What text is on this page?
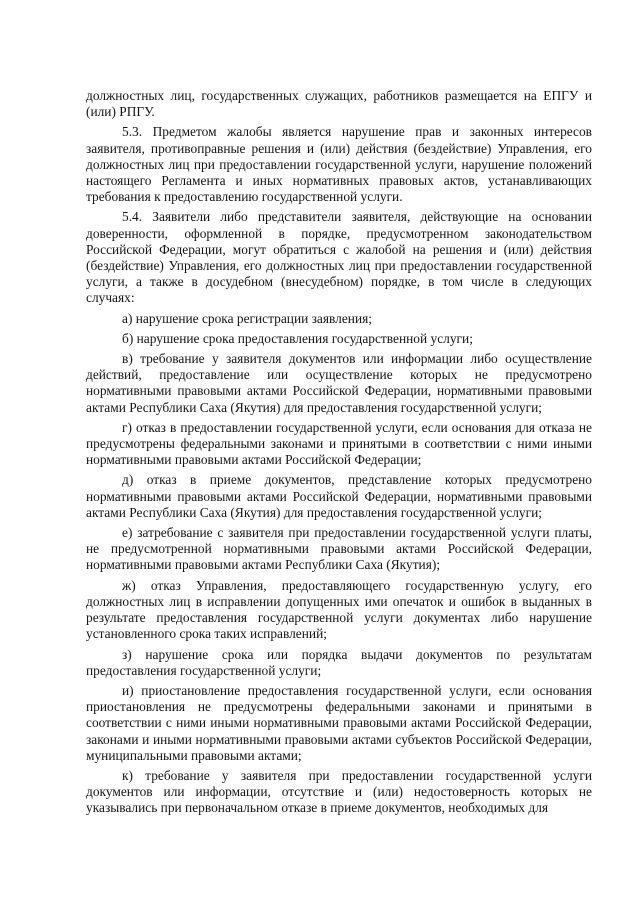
должностных лиц, государственных служащих, работников размещается на ЕПГУ и (или) РПГУ.

5.3. Предметом жалобы является нарушение прав и законных интересов заявителя, противоправные решения и (или) действия (бездействие) Управления, его должностных лиц при предоставлении государственной услуги, нарушение положений настоящего Регламента и иных нормативных правовых актов, устанавливающих требования к предоставлению государственной услуги.

5.4. Заявители либо представители заявителя, действующие на основании доверенности, оформленной в порядке, предусмотренном законодательством Российской Федерации, могут обратиться с жалобой на решения и (или) действия (бездействие) Управления, его должностных лиц при предоставлении государственной услуги, а также в досудебном (внесудебном) порядке, в том числе в следующих случаях:

а) нарушение срока регистрации заявления;

б) нарушение срока предоставления государственной услуги;

в) требование у заявителя документов или информации либо осуществление действий, предоставление или осуществление которых не предусмотрено нормативными правовыми актами Российской Федерации, нормативными правовыми актами Республики Саха (Якутия) для предоставления государственной услуги;

г) отказ в предоставлении государственной услуги, если основания для отказа не предусмотрены федеральными законами и принятыми в соответствии с ними иными нормативными правовыми актами Российской Федерации;

д) отказ в приеме документов, представление которых предусмотрено нормативными правовыми актами Российской Федерации, нормативными правовыми актами Республики Саха (Якутия) для предоставления государственной услуги;

е) затребование с заявителя при предоставлении государственной услуги платы, не предусмотренной нормативными правовыми актами Российской Федерации, нормативными правовыми актами Республики Саха (Якутия);

ж) отказ Управления, предоставляющего государственную услугу, его должностных лиц в исправлении допущенных ими опечаток и ошибок в выданных в результате предоставления государственной услуги документах либо нарушение установленного срока таких исправлений;

з) нарушение срока или порядка выдачи документов по результатам предоставления государственной услуги;

и) приостановление предоставления государственной услуги, если основания приостановления не предусмотрены федеральными законами и принятыми в соответствии с ними иными нормативными правовыми актами Российской Федерации, законами и иными нормативными правовыми актами субъектов Российской Федерации, муниципальными правовыми актами;

к) требование у заявителя при предоставлении государственной услуги документов или информации, отсутствие и (или) недостоверность которых не указывались при первоначальном отказе в приеме документов, необходимых для
